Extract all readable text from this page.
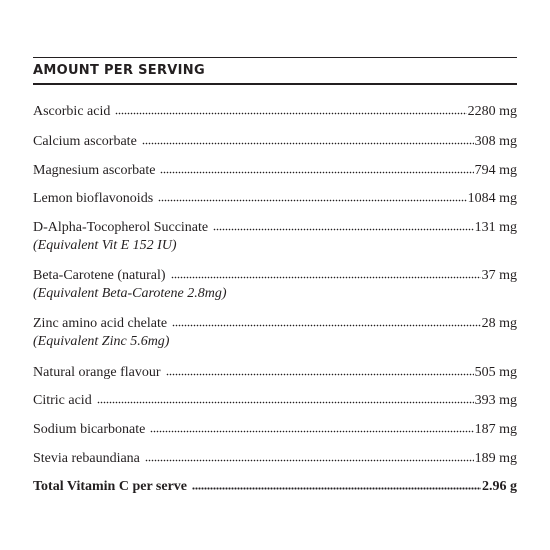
AMOUNT PER SERVING
Ascorbic acid	2280 mg
Calcium ascorbate	308 mg
Magnesium ascorbate	794 mg
Lemon bioflavonoids	1084 mg
D-Alpha-Tocopherol Succinate	131 mg
(Equivalent Vit E 152 IU)
Beta-Carotene (natural)	37 mg
(Equivalent Beta-Carotene 2.8mg)
Zinc amino acid chelate	28 mg
(Equivalent Zinc 5.6mg)
Natural orange flavour	505 mg
Citric acid	393 mg
Sodium bicarbonate	187 mg
Stevia rebaundiana	189 mg
Total Vitamin C per serve	2.96 g
